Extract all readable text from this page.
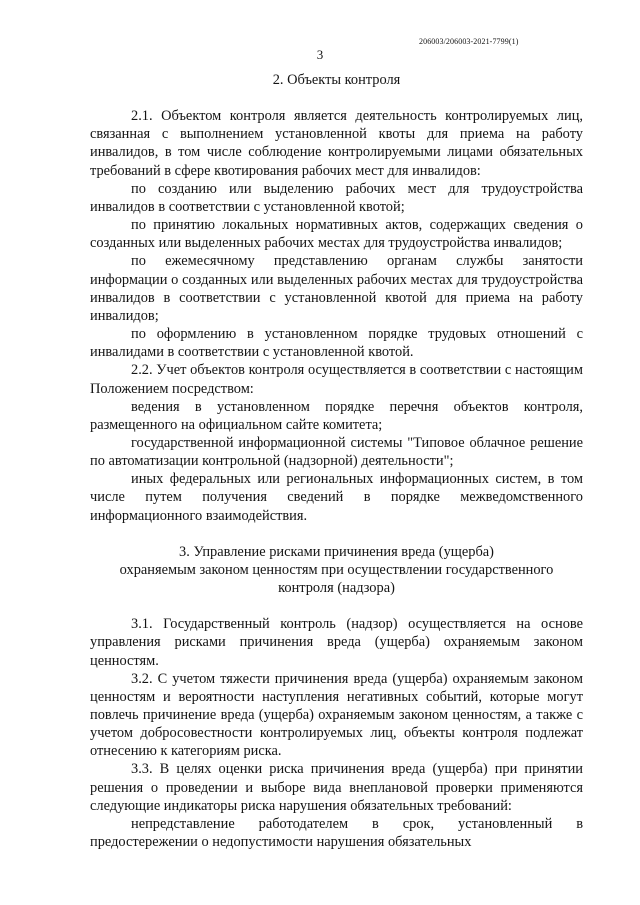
206003/206003-2021-7799(1)
3
2. Объекты контроля
2.1. Объектом контроля является деятельность контролируемых лиц, связанная с выполнением установленной квоты для приема на работу инвалидов, в том числе соблюдение контролируемыми лицами обязательных требований в сфере квотирования рабочих мест для инвалидов:
по созданию или выделению рабочих мест для трудоустройства инвалидов в соответствии с установленной квотой;
по принятию локальных нормативных актов, содержащих сведения о созданных или выделенных рабочих местах для трудоустройства инвалидов;
по ежемесячному представлению органам службы занятости информации о созданных или выделенных рабочих местах для трудоустройства инвалидов в соответствии с установленной квотой для приема на работу инвалидов;
по оформлению в установленном порядке трудовых отношений с инвалидами в соответствии с установленной квотой.
2.2. Учет объектов контроля осуществляется в соответствии с настоящим Положением посредством:
ведения в установленном порядке перечня объектов контроля, размещенного на официальном сайте комитета;
государственной информационной системы "Типовое облачное решение по автоматизации контрольной (надзорной) деятельности";
иных федеральных или региональных информационных систем, в том числе путем получения сведений в порядке межведомственного информационного взаимодействия.
3. Управление рисками причинения вреда (ущерба)
охраняемым законом ценностям при осуществлении государственного
контроля (надзора)
3.1. Государственный контроль (надзор) осуществляется на основе управления рисками причинения вреда (ущерба) охраняемым законом ценностям.
3.2. С учетом тяжести причинения вреда (ущерба) охраняемым законом ценностям и вероятности наступления негативных событий, которые могут повлечь причинение вреда (ущерба) охраняемым законом ценностям, а также с учетом добросовестности контролируемых лиц, объекты контроля подлежат отнесению к категориям риска.
3.3. В целях оценки риска причинения вреда (ущерба) при принятии решения о проведении и выборе вида внеплановой проверки применяются следующие индикаторы риска нарушения обязательных требований:
непредставление работодателем в срок, установленный в предостережении о недопустимости нарушения обязательных
